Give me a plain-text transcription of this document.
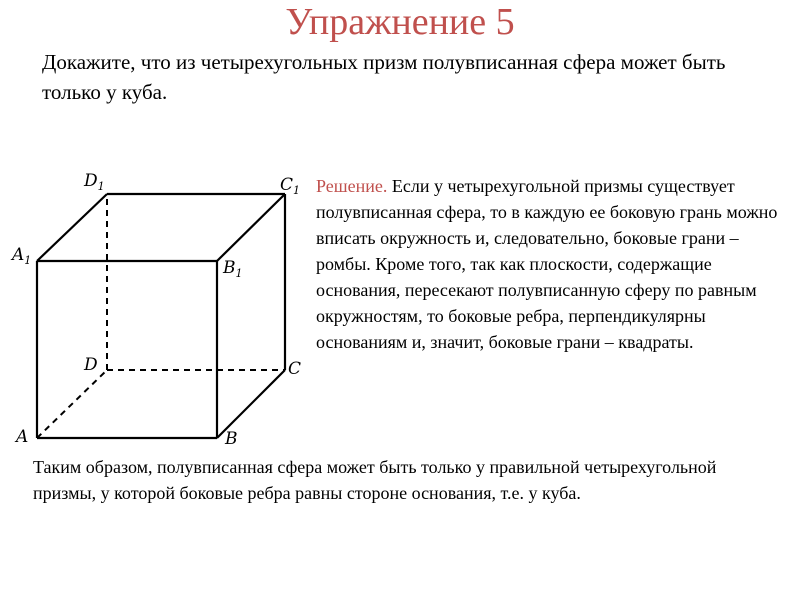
Упражнение 5
Докажите, что из четырехугольных призм полувписанная сфера может быть только у куба.
$D_1$	$C_1$
$A_1$	$B_1$
D	C
A	B
Решение. Если у четырехугольной призмы существует полувписанная сфера, то в каждую ее боковую грань можно вписать окружность и, следовательно, боковые грани – ромбы. Кроме того, так как плоскости, содержащие основания, пересекают полувписанную сферу по равным окружностям, то боковые ребра, перпендикулярны основаниям и, значит, боковые грани – квадраты.
Таким образом, полувписанная сфера может быть только у правильной четырехугольной призмы, у которой боковые ребра равны стороне основания, т.е. у куба.
